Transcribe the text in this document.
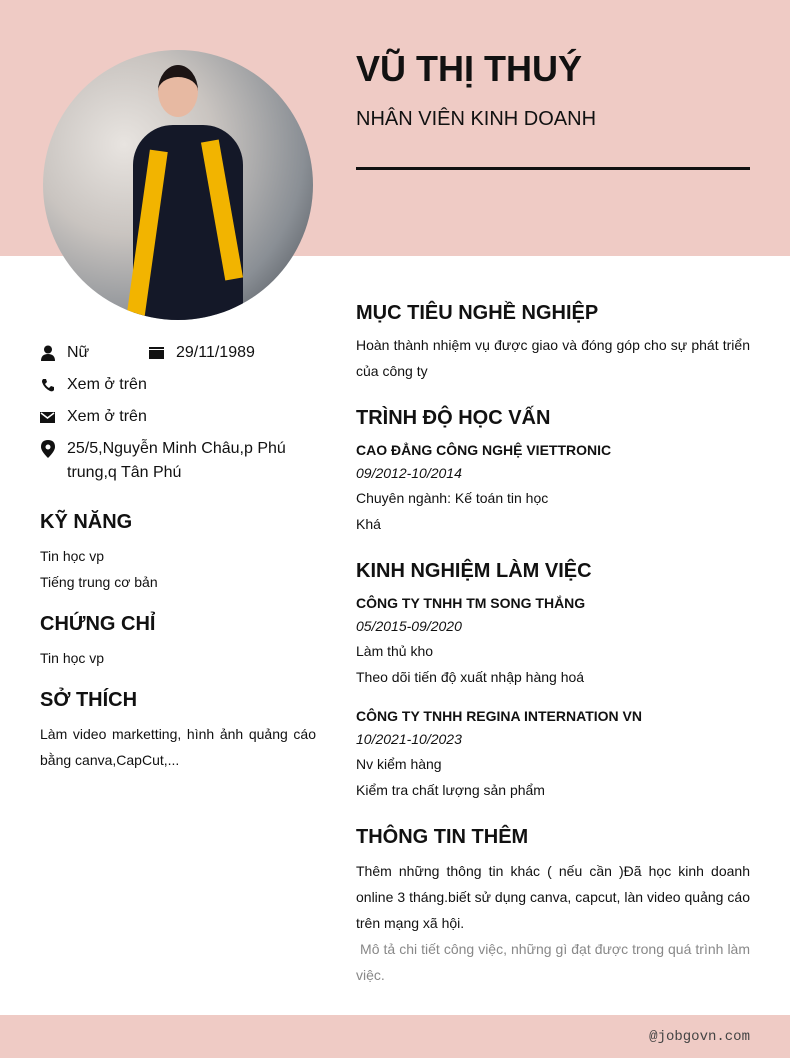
VŨ THỊ THUÝ
NHÂN VIÊN KINH DOANH
Nữ	29/11/1989
Xem ở trên
Xem ở trên
25/5,Nguyễn Minh Châu,p Phú trung,q Tân Phú
KỸ NĂNG
Tin học vp
Tiếng trung cơ bản
CHỨNG CHỈ
Tin học vp
SỞ THÍCH
Làm video marketting, hình ảnh quảng cáo bằng canva,CapCut,...
MỤC TIÊU NGHỀ NGHIỆP
Hoàn thành nhiệm vụ được giao và đóng góp cho sự phát triển của công ty
TRÌNH ĐỘ HỌC VẤN
CAO ĐẲNG CÔNG NGHỆ VIETTRONIC
09/2012-10/2014
Chuyên ngành: Kế toán tin học
Khá
KINH NGHIỆM LÀM VIỆC
CÔNG TY TNHH TM SONG THẮNG
05/2015-09/2020
Làm thủ kho
Theo dõi tiến độ xuất nhập hàng hoá
CÔNG TY TNHH REGINA INTERNATION VN
10/2021-10/2023
Nv kiểm hàng
Kiểm tra chất lượng sản phẩm
THÔNG TIN THÊM
Thêm những thông tin khác ( nếu cần )Đã học kinh doanh online 3 tháng.biết sử dụng canva, capcut, làn video quảng cáo trên mạng xã hội.
Mô tả chi tiết công việc, những gì đạt được trong quá trình làm việc.
@jobgovn.com
